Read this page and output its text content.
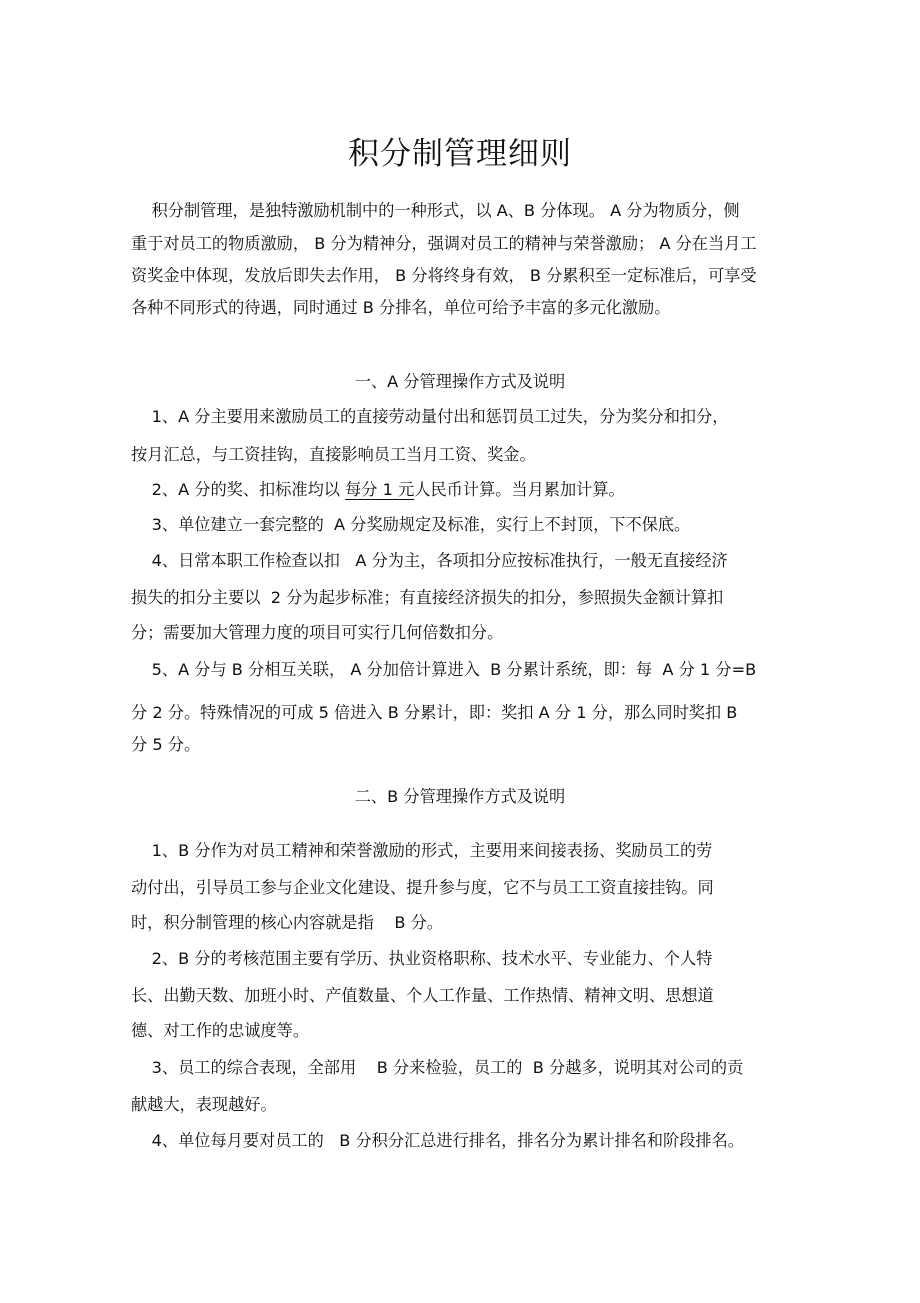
积分制管理细则

积分制管理，是独特激励机制中的一种形式，以 A、B 分体现。 A 分为物质分，侧

重于对员工的物质激励， B 分为精神分，强调对员工的精神与荣誉激励； A 分在当月工

资奖金中体现，发放后即失去作用， B 分将终身有效， B 分累积至一定标准后，可享受

各种不同形式的待遇，同时通过 B 分排名，单位可给予丰富的多元化激励。

一、A 分管理操作方式及说明

1、A 分主要用来激励员工的直接劳动量付出和惩罚员工过失，分为奖分和扣分，

按月汇总，与工资挂钩，直接影响员工当月工资、奖金。

2、A 分的奖、扣标准均以 每分 1 元人民币计算。当月累加计算。

3、单位建立一套完整的  A 分奖励规定及标准，实行上不封顶，下不保底。

4、日常本职工作检查以扣   A 分为主，各项扣分应按标准执行，一般无直接经济

损失的扣分主要以  2 分为起步标准；有直接经济损失的扣分，参照损失金额计算扣

分；需要加大管理力度的项目可实行几何倍数扣分。

5、A 分与 B 分相互关联， A 分加倍计算进入  B 分累计系统，即：每  A 分 1 分=B

分 2 分。特殊情况的可成 5 倍进入 B 分累计，即：奖扣 A 分 1 分，那么同时奖扣 B

分 5 分。

二、B 分管理操作方式及说明

1、B 分作为对员工精神和荣誉激励的形式，主要用来间接表扬、奖励员工的劳

动付出，引导员工参与企业文化建设、提升参与度，它不与员工工资直接挂钩。同

时，积分制管理的核心内容就是指    B 分。

2、B 分的考核范围主要有学历、执业资格职称、技术水平、专业能力、个人特

长、出勤天数、加班小时、产值数量、个人工作量、工作热情、精神文明、思想道

德、对工作的忠诚度等。

3、员工的综合表现，全部用    B 分来检验，员工的  B 分越多，说明其对公司的贡

献越大，表现越好。

4、单位每月要对员工的   B 分积分汇总进行排名，排名分为累计排名和阶段排名。
